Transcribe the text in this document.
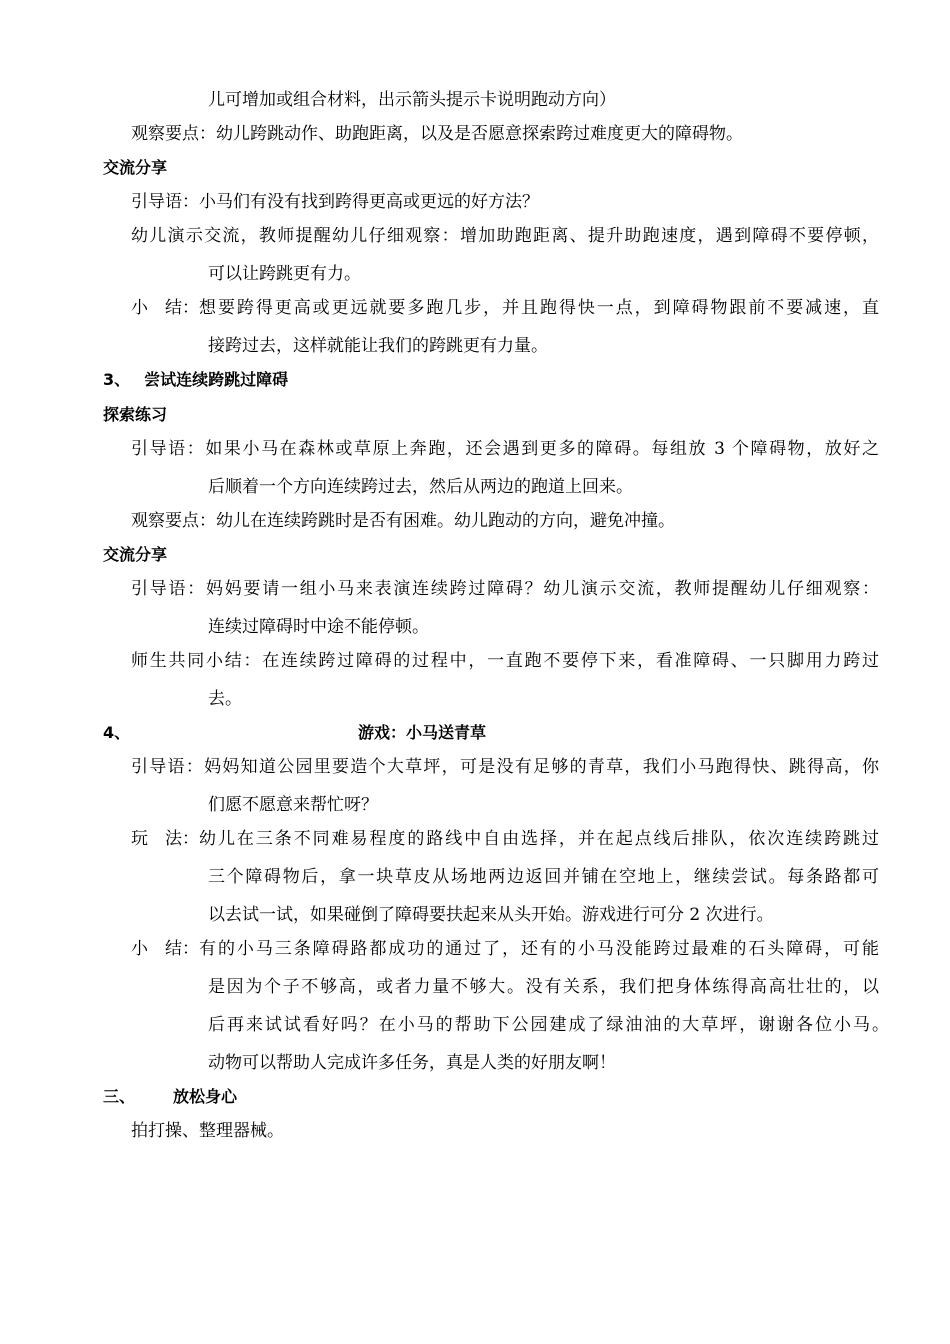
儿可增加或组合材料，出示箭头提示卡说明跑动方向）
观察要点：幼儿跨跳动作、助跑距离，以及是否愿意探索跨过难度更大的障碍物。
交流分享
引导语：小马们有没有找到跨得更高或更远的好方法？
幼儿演示交流，教师提醒幼儿仔细观察：增加助跑距离、提升助跑速度，遇到障碍不要停顿，
可以让跨跳更有力。
小　结： 想要跨得更高或更远就要多跑几步，并且跑得快一点，到障碍物跟前不要减速，直
接跨过去，这样就能让我们的跨跳更有力量。
3、 尝试连续跨跳过障碍
探索练习
引导语：如果小马在森林或草原上奔跑，还会遇到更多的障碍。每组放 3 个障碍物，放好之
后顺着一个方向连续跨过去，然后从两边的跑道上回来。
观察要点：幼儿在连续跨跳时是否有困难。幼儿跑动的方向，避免冲撞。
交流分享
引导语：妈妈要请一组小马来表演连续跨过障碍？幼儿演示交流，教师提醒幼儿仔细观察：
连续过障碍时中途不能停顿。
师生共同小结：在连续跨过障碍的过程中，一直跑不要停下来，看准障碍、一只脚用力跨过
去。
4、	游戏：小马送青草
引导语：妈妈知道公园里要造个大草坪，可是没有足够的青草，我们小马跑得快、跳得高，你
们愿不愿意来帮忙呀？
玩　法： 幼儿在三条不同难易程度的路线中自由选择，并在起点线后排队，依次连续跨跳过
三个障碍物后，拿一块草皮从场地两边返回并铺在空地上，继续尝试。每条路都可
以去试一试，如果碰倒了障碍要扶起来从头开始。游戏进行可分 2 次进行。
小　结： 有的小马三条障碍路都成功的通过了，还有的小马没能跨过最难的石头障碍，可能
是因为个子不够高，或者力量不够大。没有关系，我们把身体练得高高壮壮的，以
后再来试试看好吗？在小马的帮助下公园建成了绿油油的大草坪，谢谢各位小马。
动物可以帮助人完成许多任务，真是人类的好朋友啊！
三、 放松身心
拍打操、整理器械。
